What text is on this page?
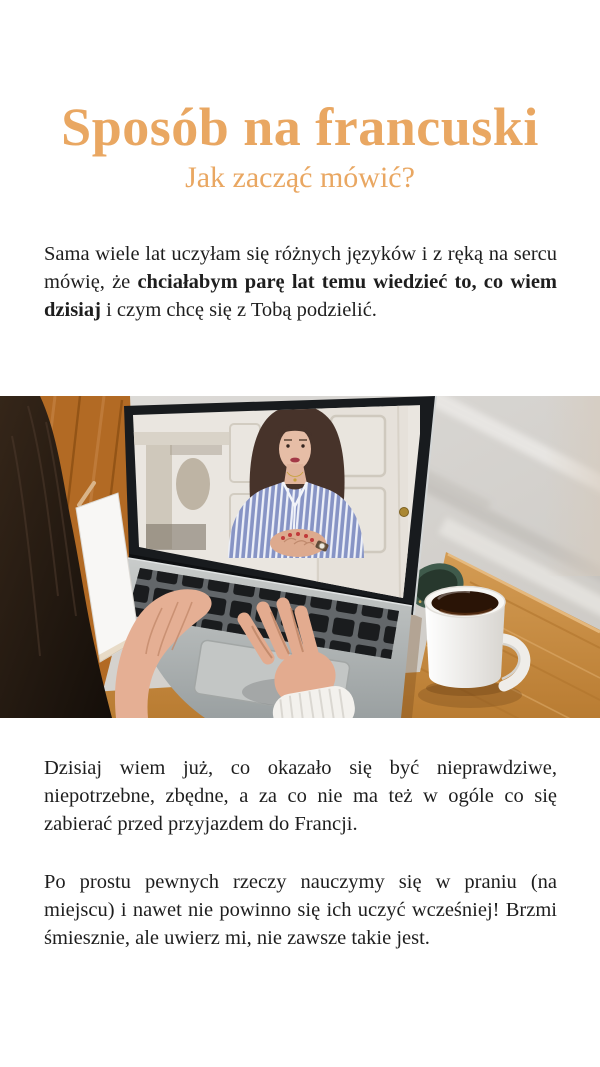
Sposób na francuski
Jak zacząć mówić?

Sama wiele lat uczyłam się różnych języków i z ręką na sercu mówię, że chciałabym parę lat temu wiedzieć to, co wiem dzisiaj i czym chcę się z Tobą podzielić.

Dzisiaj wiem już, co okazało się być nieprawdziwe, niepotrzebne, zbędne, a za co nie ma też w ogóle co się zabierać przed przyjazdem do Francji.

Po prostu pewnych rzeczy nauczymy się w praniu (na miejscu) i nawet nie powinno się ich uczyć wcześniej! Brzmi śmiesznie, ale uwierz mi, nie zawsze takie jest.
